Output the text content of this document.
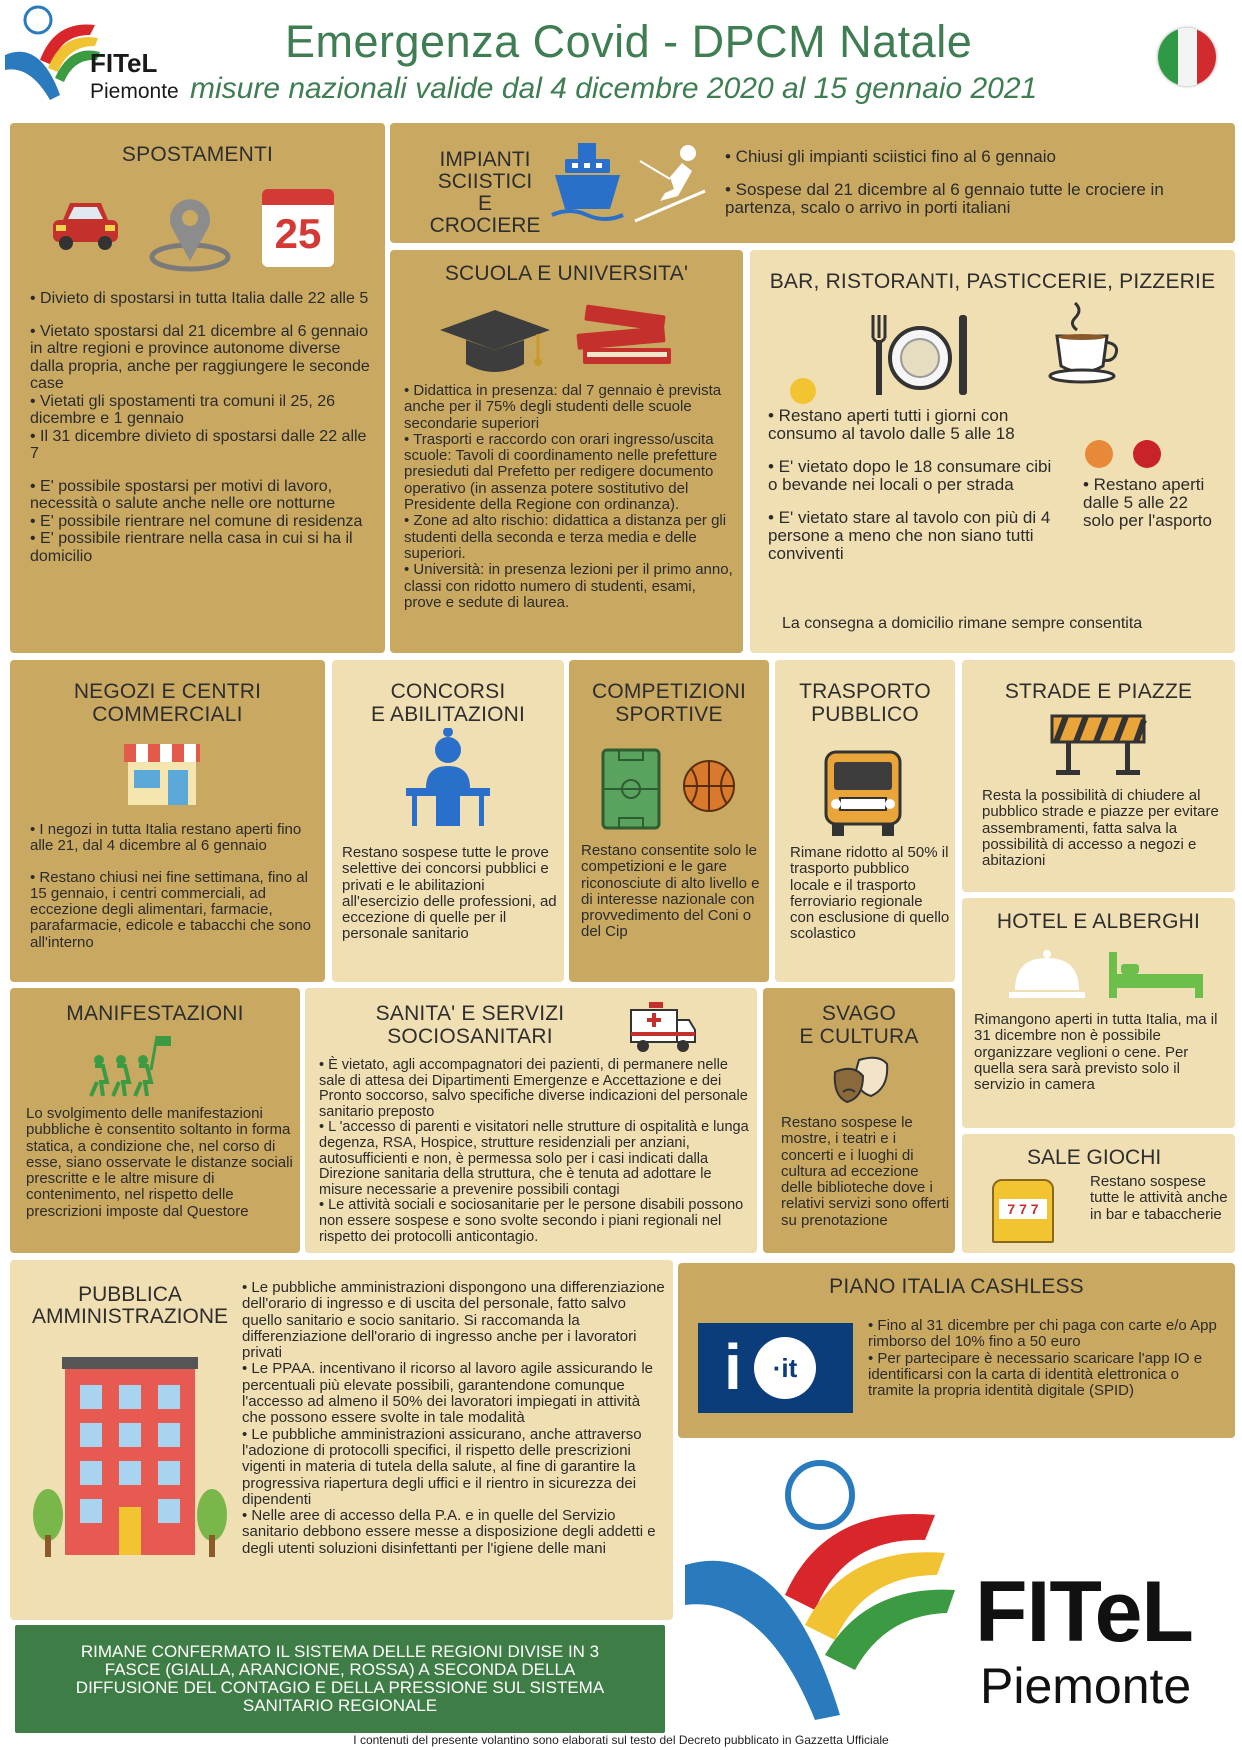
FITeL
Piemonte
Emergenza Covid - DPCM Natale
misure nazionali valide dal 4 dicembre 2020 al 15 gennaio 2021
SPOSTAMENTI
25

• Divieto di spostarsi in tutta Italia dalle 22 alle 5

• Vietato spostarsi dal 21 dicembre al 6 gennaio in altre regioni e province autonome diverse dalla propria, anche per raggiungere le seconde case

• Vietati gli spostamenti tra comuni il 25, 26 dicembre e 1 gennaio

• Il 31 dicembre divieto di spostarsi dalle 22 alle 7

• E' possibile spostarsi per motivi di lavoro, necessità o salute anche nelle ore notturne

• E' possibile rientrare nel comune di residenza

• E' possibile rientrare nella casa in cui si ha il domicilio

IMPIANTI
SCIISTICI
E CROCIERE

• Chiusi gli impianti sciistici fino al 6 gennaio

• Sospese dal 21 dicembre al 6 gennaio tutte le crociere in partenza, scalo o arrivo in porti italiani

SCUOLA E UNIVERSITA'

• Didattica in presenza: dal 7 gennaio è prevista anche per il 75% degli studenti delle scuole secondarie superiori

• Trasporti e raccordo con orari ingresso/uscita scuole: Tavoli di coordinamento nelle prefetture presieduti dal Prefetto per redigere documento operativo (in assenza potere sostitutivo del Presidente della Regione con ordinanza).

• Zone ad alto rischio: didattica a distanza per gli studenti della seconda e terza media e delle superiori.

• Università: in presenza lezioni per il primo anno, classi con ridotto numero di studenti, esami, prove e sedute di laurea.

BAR, RISTORANTI, PASTICCERIE, PIZZERIE

• Restano aperti tutti i giorni con consumo al tavolo dalle 5 alle 18

• E' vietato dopo le 18 consumare cibi o bevande nei locali o per strada

• E' vietato stare al tavolo con più di 4 persone a meno che non siano tutti conviventi

• Restano aperti dalle 5 alle 22 solo per l'asporto
La consegna a domicilio rimane sempre consentita
NEGOZI E CENTRI
COMMERCIALI

• I negozi in tutta Italia restano aperti fino alle 21, dal 4 dicembre al 6 gennaio

• Restano chiusi nei fine settimana, fino al 15 gennaio, i centri commerciali, ad eccezione degli alimentari, farmacie, parafarmacie, edicole e tabacchi che sono all'interno

CONCORSI
E ABILITAZIONI
Restano sospese tutte le prove selettive dei concorsi pubblici e privati e le abilitazioni all'esercizio delle professioni, ad eccezione di quelle per il personale sanitario
COMPETIZIONI
SPORTIVE
Restano consentite solo le competizioni e le gare riconosciute di alto livello e di interesse nazionale con provvedimento del Coni o del Cip
TRASPORTO
PUBBLICO
Rimane ridotto al 50% il trasporto pubblico locale e il trasporto ferroviario regionale con esclusione di quello scolastico
STRADE E PIAZZE
Resta la possibilità di chiudere al pubblico strade e piazze per evitare assembramenti, fatta salva la possibilità di accesso a negozi e abitazioni
HOTEL E ALBERGHI
Rimangono aperti in tutta Italia, ma il 31 dicembre non è possibile organizzare veglioni o cene. Per quella sera sarà previsto solo il servizio in camera
MANIFESTAZIONI
Lo svolgimento delle manifestazioni pubbliche è consentito soltanto in forma statica, a condizione che, nel corso di esse, siano osservate le distanze sociali prescritte e le altre misure di contenimento, nel rispetto delle prescrizioni imposte dal Questore
SANITA' E SERVIZI
SOCIOSANITARI

• È vietato, agli accompagnatori dei pazienti, di permanere nelle sale di attesa dei Dipartimenti Emergenze e Accettazione e dei Pronto soccorso, salvo specifiche diverse indicazioni del personale sanitario preposto

• L 'accesso di parenti e visitatori nelle strutture di ospitalità e lunga degenza, RSA, Hospice, strutture residenziali per anziani, autosufficienti e non, è permessa solo per i casi indicati dalla Direzione sanitaria della struttura, che è tenuta ad adottare le misure necessarie a prevenire possibili contagi

• Le attività sociali e sociosanitarie per le persone disabili possono non essere sospese e sono svolte secondo i piani regionali nel rispetto dei protocolli anticontagio.

SVAGO
E CULTURA
Restano sospese le mostre, i teatri e i concerti e i luoghi di cultura ad eccezione delle biblioteche dove i relativi servizi sono offerti su prenotazione
SALE GIOCHI
7 7 7
Restano sospese tutte le attività anche in bar e tabaccherie
PUBBLICA
AMMINISTRAZIONE

• Le pubbliche amministrazioni dispongono una differenziazione dell'orario di ingresso e di uscita del personale, fatto salvo quello sanitario e socio sanitario. Si raccomanda la differenziazione dell'orario di ingresso anche per i lavoratori privati

• Le PPAA. incentivano il ricorso al lavoro agile assicurando le percentuali più elevate possibili, garantendone comunque l'accesso ad almeno il 50% dei lavoratori impiegati in attività che possono essere svolte in tale modalità

• Le pubbliche amministrazioni assicurano, anche attraverso l'adozione di protocolli specifici, il rispetto delle prescrizioni vigenti in materia di tutela della salute, al fine di garantire la progressiva riapertura degli uffici e il rientro in sicurezza dei dipendenti

• Nelle aree di accesso della P.A. e in quelle del Servizio sanitario debbono essere messe a disposizione degli addetti e degli utenti soluzioni disinfettanti per l'igiene delle mani

PIANO ITALIA CASHLESS
i	·it

• Fino al 31 dicembre per chi paga con carte e/o App rimborso del 10% fino a 50 euro

• Per partecipare è necessario scaricare l'app IO e identificarsi con la carta di identità elettronica o tramite la propria identità digitale (SPID)

FITeL
Piemonte
RIMANE CONFERMATO IL SISTEMA DELLE REGIONI DIVISE IN 3 FASCE (GIALLA, ARANCIONE, ROSSA) A SECONDA DELLA DIFFUSIONE DEL CONTAGIO E DELLA PRESSIONE SUL SISTEMA SANITARIO REGIONALE
I contenuti del presente volantino sono elaborati sul testo del Decreto pubblicato in Gazzetta Ufficiale
